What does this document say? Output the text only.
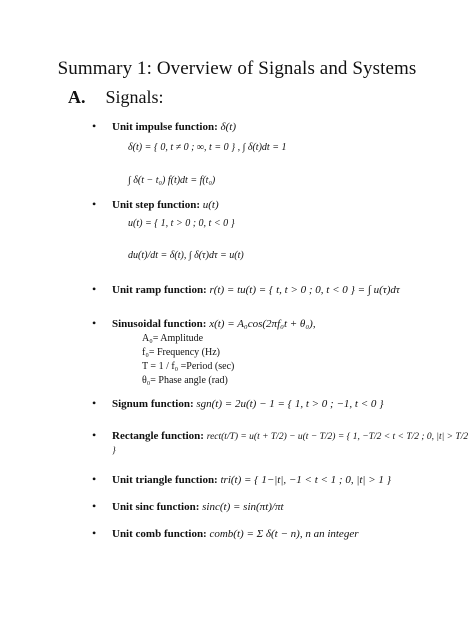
Summary 1: Overview of Signals and Systems
A. Signals:
• Unit impulse function: δ(t)
δ(t) = { 0, t ≠ 0 ; ∞, t = 0 } , ∫ δ(t)dt = 1
∫ δ(t − t₀) f(t)dt = f(t₀)
• Unit step function: u(t)
u(t) = { 1, t > 0 ; 0, t < 0 }
du(t)/dt = δ(t), ∫ δ(τ)dτ = u(t)
• Unit ramp function: r(t) = tu(t) = { t, t > 0 ; 0, t < 0 } = ∫ u(τ)dτ
• Sinusoidal function: x(t) = A₀cos(2πf₀t + θ₀),
A₀= Amplitude
f₀= Frequency (Hz)
T = 1 / f₀ =Period (sec)
θ₀= Phase angle (rad)
• Signum function: sgn(t) = 2u(t) − 1 = { 1, t > 0 ; −1, t < 0 }
• Rectangle function: rect(t/T) = u(t + T/2) − u(t − T/2) = { 1, −T/2 < t < T/2 ; 0, |t| > T/2 }
• Unit triangle function: tri(t) = { 1−|t|, −1 < t < 1 ; 0, |t| > 1 }
• Unit sinc function: sinc(t) = sin(πt)/πt
• Unit comb function: comb(t) = Σ δ(t − n), n an integer
